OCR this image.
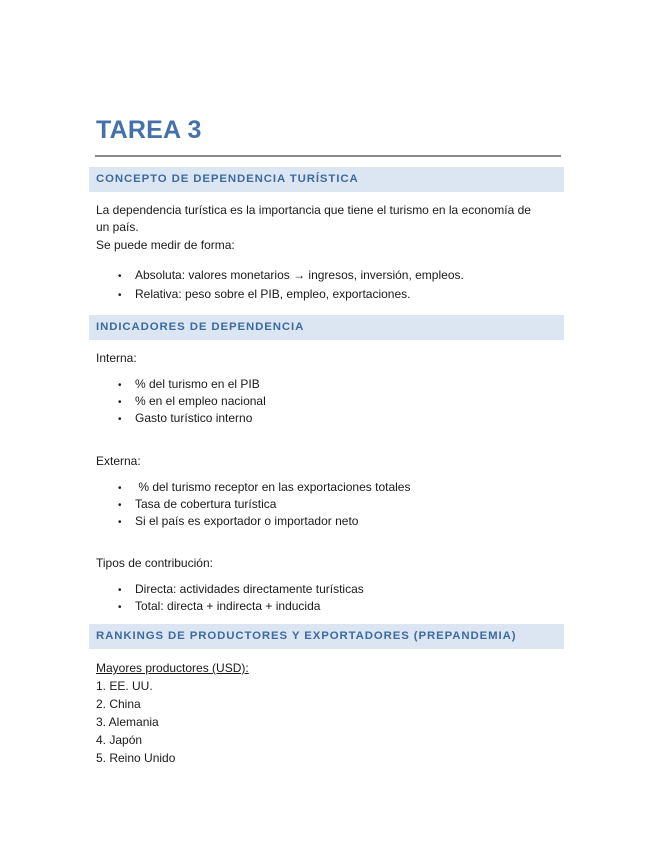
TAREA 3
CONCEPTO DE DEPENDENCIA TURÍSTICA
La dependencia turística es la importancia que tiene el turismo en la economía de
un país.
Se puede medir de forma:
• Absoluta: valores monetarios → ingresos, inversión, empleos.
• Relativa: peso sobre el PIB, empleo, exportaciones.
INDICADORES DE DEPENDENCIA
Interna:
• % del turismo en el PIB
• % en el empleo nacional
• Gasto turístico interno
Externa:
• % del turismo receptor en las exportaciones totales
• Tasa de cobertura turística
• Si el país es exportador o importador neto
Tipos de contribución:
• Directa: actividades directamente turísticas
• Total: directa + indirecta + inducida
RANKINGS DE PRODUCTORES Y EXPORTADORES (PREPANDEMIA)
Mayores productores (USD):
1. EE. UU.
2. China
3. Alemania
4. Japón
5. Reino Unido
